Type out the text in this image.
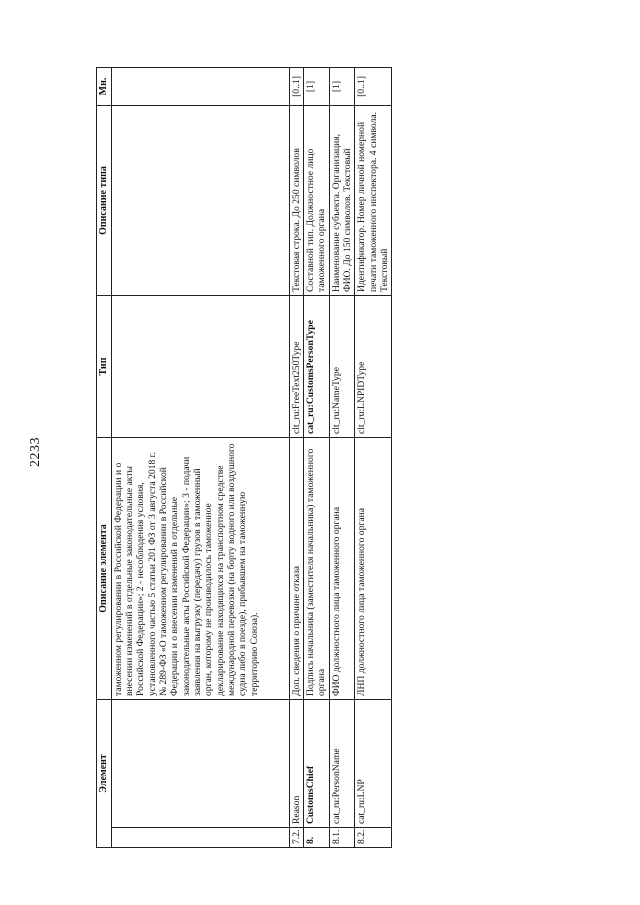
2233
Элемент		Описание элемента	Тип	Описание типа	Мн.
		таможенном регулировании в Российской Федерации и о внесении изменений в отдельные законодательные акты Российской Федерации»; 2 - несоблюдения условия, установленного частью 5 статьи 201 ФЗ от 3 августа 2018 г. № 289-ФЗ «О таможенном регулировании в Российской Федерации и о внесении изменений в отдельные законодательные акты Российской Федерации»; 3 - подачи заявления на выгрузку (передачу) грузов в таможенный орган, которому не производилось таможенное декларирование находящихся на транспортном средстве международной перевозки (на борту водного или воздушного судна либо в поезде), прибывшем на таможенную территорию Союза).			
7.2.	Reason	Доп. сведения о причине отказа	clt_ru:FreeText250Type	Текстовая строка. До 250 символов	[0..1]
8.	CustomsChief	Подпись начальника (заместителя начальника) таможенного органа	cat_ru:CustomsPersonType	Составной тип. Должностное лицо таможенного органа	[1]
8.1.	cat_ru:PersonName	ФИО должностного лица таможенного органа	clt_ru:NameType	Наименование субъекта. Организация, ФИО. До 150 символов. Текстовый	[1]
8.2.	cat_ru:LNP	ЛНП должностного лица таможенного органа	clt_ru:LNPIDType	Идентификатор. Номер личной номерной печати таможенного инспектора. 4 символа. Текстовый	[0..1]
